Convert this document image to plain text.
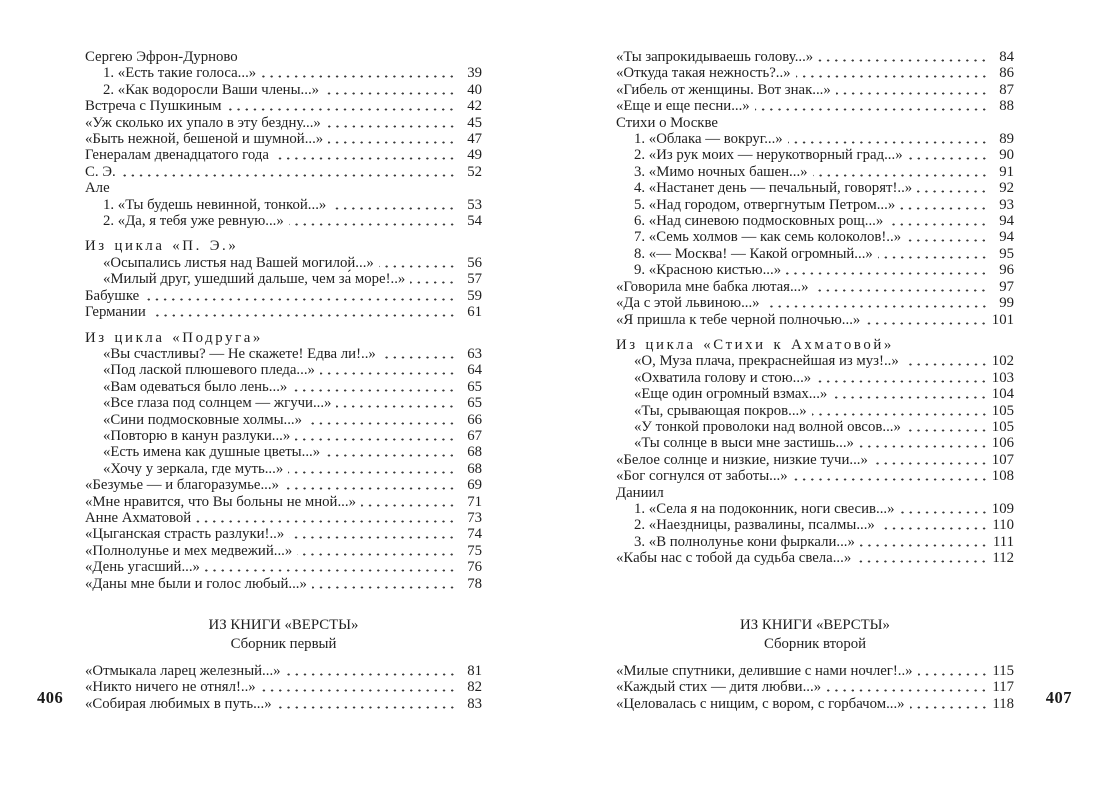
Сергею Эфрон-Дурново
1. «Есть такие голоса...»	39
2. «Как водоросли Ваши члены...»	40
Встреча с Пушкиным	42
«Уж сколько их упало в эту бездну...»	45
«Быть нежной, бешеной и шумной...»	47
Генералам двенадцатого года	49
С. Э.	52
Але
1. «Ты будешь невинной, тонкой...»	53
2. «Да, я тебя уже ревную...»	54
Из цикла «П. Э.»
«Осыпались листья над Вашей могилой...»	56
«Милый друг, ушедший дальше, чем за́ море!..»	57
Бабушке	59
Германии	61
Из цикла «Подруга»
«Вы счастливы? — Не скажете! Едва ли!..»	63
«Под лаской плюшевого пледа...»	64
«Вам одеваться было лень...»	65
«Все глаза под солнцем — жгучи...»	65
«Сини подмосковные холмы...»	66
«Повторю в канун разлуки...»	67
«Есть имена как душные цветы...»	68
«Хочу у зеркала, где муть...»	68
«Безумье — и благоразумье...»	69
«Мне нравится, что Вы больны не мной...»	71
Анне Ахматовой	73
«Цыганская страсть разлуки!..»	74
«Полнолунье и мех медвежий...»	75
«День угасший...»	76
«Даны мне были и голос любый...»	78
ИЗ КНИГИ «ВЕРСТЫ»
Сборник первый
«Отмыкала ларец железный...»	81
«Никто ничего не отнял!..»	82
«Собирая любимых в путь...»	83
«Ты запрокидываешь голову...»	84
«Откуда такая нежность?..»	86
«Гибель от женщины. Вот знак...»	87
«Еще и еще песни...»	88
Стихи о Москве
1. «Облака — вокруг...»	89
2. «Из рук моих — нерукотворный град...»	90
3. «Мимо ночных башен...»	91
4. «Настанет день — печальный, говорят!..»	92
5. «Над городом, отвергнутым Петром...»	93
6. «Над синевою подмосковных рощ...»	94
7. «Семь холмов — как семь колоколов!..»	94
8. «— Москва! — Какой огромный...»	95
9. «Красною кистью...»	96
«Говорила мне бабка лютая...»	97
«Да с этой львиною...»	99
«Я пришла к тебе черной полночью...»	101
Из цикла «Стихи к Ахматовой»
«О, Муза плача, прекраснейшая из муз!..»	102
«Охватила голову и стою...»	103
«Еще один огромный взмах...»	104
«Ты, срывающая покров...»	105
«У тонкой проволоки над волной овсов...»	105
«Ты солнце в выси мне застишь...»	106
«Белое солнце и низкие, низкие тучи...»	107
«Бог согнулся от заботы...»	108
Даниил
1. «Села я на подоконник, ноги свесив...»	109
2. «Наездницы, развалины, псалмы...»	110
3. «В полнолунье кони фыркали...»	111
«Кабы нас с тобой да судьба свела...»	112
ИЗ КНИГИ «ВЕРСТЫ»
Сборник второй
«Милые спутники, делившие с нами ночлег!..»	115
«Каждый стих — дитя любви...»	117
«Целовалась с нищим, с вором, с горбачом...»	118
406	407
